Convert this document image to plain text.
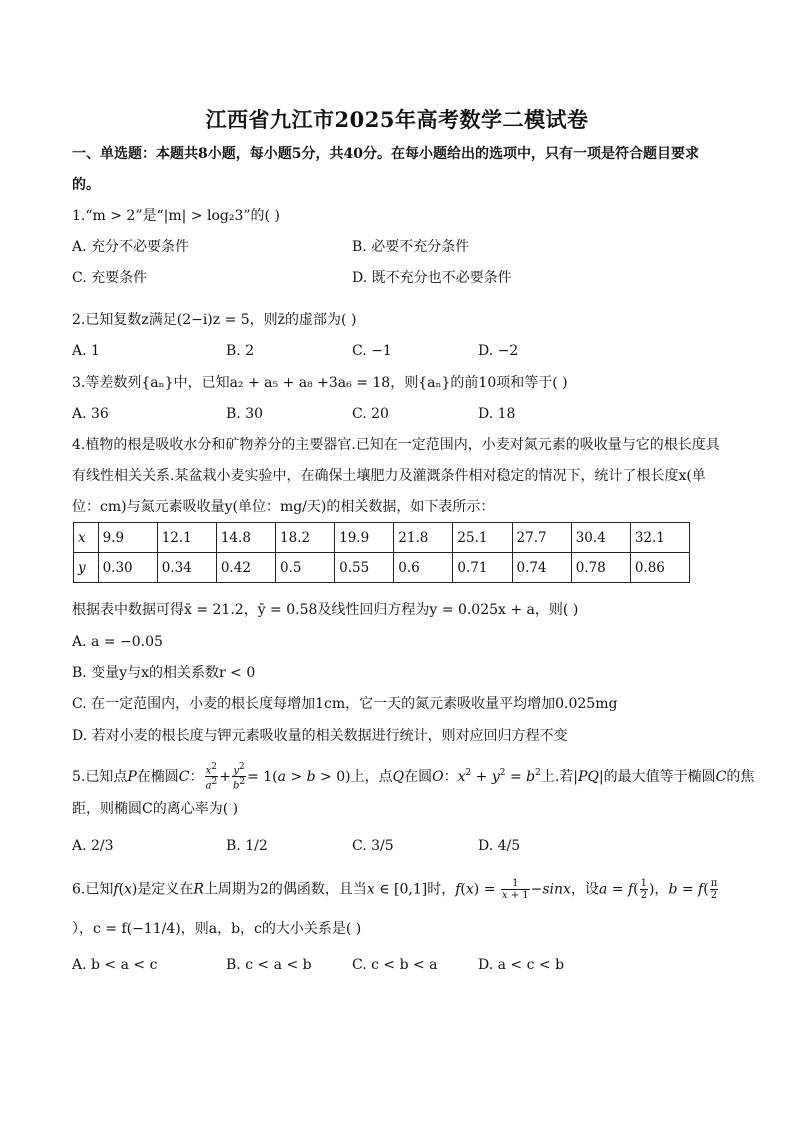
江西省九江市2025年高考数学二模试卷
一、单选题：本题共8小题，每小题5分，共40分。在每小题给出的选项中，只有一项是符合题目要求
的。
1.“m > 2”是“|m| > log₂3”的( )
A. 充分不必要条件	B. 必要不充分条件
C. 充要条件	D. 既不充分也不必要条件
2.已知复数z满足(2−i)z = 5，则z̄的虚部为( )
A. 1	B. 2	C. −1	D. −2
3.等差数列{aₙ}中，已知a₂ + a₅ + a₈ +3a₆ = 18，则{aₙ}的前10项和等于( )
A. 36	B. 30	C. 20	D. 18
4.植物的根是吸收水分和矿物养分的主要器官.已知在一定范围内，小麦对氮元素的吸收量与它的根长度具
有线性相关关系.某盆栽小麦实验中，在确保土壤肥力及灌溉条件相对稳定的情况下，统计了根长度x(单
位：cm)与氮元素吸收量y(单位：mg/天)的相关数据，如下表所示：
x	9.9	12.1	14.8	18.2	19.9	21.8	25.1	27.7	30.4	32.1
y	0.30	0.34	0.42	0.5	0.55	0.6	0.71	0.74	0.78	0.86
根据表中数据可得x̄ = 21.2，ȳ = 0.58及线性回归方程为y = 0.025x + a，则( )
A. a = −0.05
B. 变量y与x的相关系数r < 0
C. 在一定范围内，小麦的根长度每增加1cm，它一天的氮元素吸收量平均增加0.025mg
D. 若对小麦的根长度与钾元素吸收量的相关数据进行统计，则对应回归方程不变
5.已知点P在椭圆C： $\frac{x^2}{a^2} + \frac{y^2}{b^2} = 1(a > b > 0)$上，点Q在圆O：$x^2 + y^2 = b^2$上.若|PQ|的最大值等于椭圆C的焦
距，则椭圆C的离心率为( )
A. 2/3	B. 1/2	C. 3/5	D. 4/5
6.已知f(x)是定义在R上周期为2的偶函数，且当x ∈ [0,1]时，$f(x) = \frac{1}{x + 1} -\sin x$，设$a = f( \frac{1}{2}$ )，$b = f( \frac{\pi}{2}$
），c = f(−11/4)，则a，b，c的大小关系是( )
A. b < a < c	B. c < a < b	C. c < b < a	D. a < c < b
